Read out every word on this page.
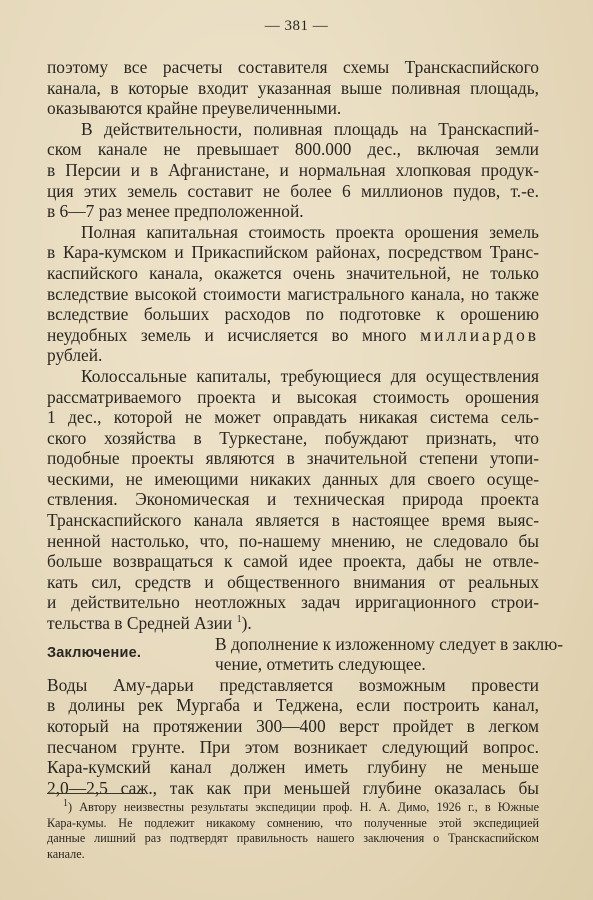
— 381 —
поэтому все расчеты составителя схемы Транскаспийского
канала, в которые входит указанная выше поливная площадь,
оказываются крайне преувеличенными.
В действительности, поливная площадь на Транскаспий-
ском канале не превышает 800.000 дес., включая земли
в Персии и в Афганистане, и нормальная хлопковая продук-
ция этих земель составит не более 6 миллионов пудов, т.-е.
в 6—7 раз менее предположенной.
Полная капитальная стоимость проекта орошения земель
в Кара-кумском и Прикаспийском районах, посредством Транс-
каспийского канала, окажется очень значительной, не только
вследствие высокой стоимости магистрального канала, но также
вследствие больших расходов по подготовке к орошению
неудобных земель и исчисляется во много миллиардов
рублей.
Колоссальные капиталы, требующиеся для осуществления
рассматриваемого проекта и высокая стоимость орошения
1 дес., которой не может оправдать никакая система сель-
ского хозяйства в Туркестане, побуждают признать, что
подобные проекты являются в значительной степени утопи-
ческими, не имеющими никаких данных для своего осуще-
ствления. Экономическая и техническая природа проекта
Транскаспийского канала является в настоящее время выяс-
ненной настолько, что, по-нашему мнению, не следовало бы
больше возвращаться к самой идее проекта, дабы не отвле-
кать сил, средств и общественного внимания от реальных
и действительно неотложных задач ирригационного строи-
тельства в Средней Азии $^1$).
Заключение.	В дополнение к изложенному следует в заклю-
чение, отметить следующее.
Воды Аму-дарьи представляется возможным провести
в долины рек Мургаба и Теджена, если построить канал,
который на протяжении 300—400 верст пройдет в легком
песчаном грунте. При этом возникает следующий вопрос.
Кара-кумский канал должен иметь глубину не меньше
2,0—2,5 саж., так как при меньшей глубине оказалась бы
$^1$) Автору неизвестны результаты экспедиции проф. Н. А. Димо, 1926 г., в Южные
Кара-кумы. Не подлежит никакому сомнению, что полученные этой экспедицией
данные лишний раз подтвердят правильность нашего заключения о Транскаспийском
канале.
